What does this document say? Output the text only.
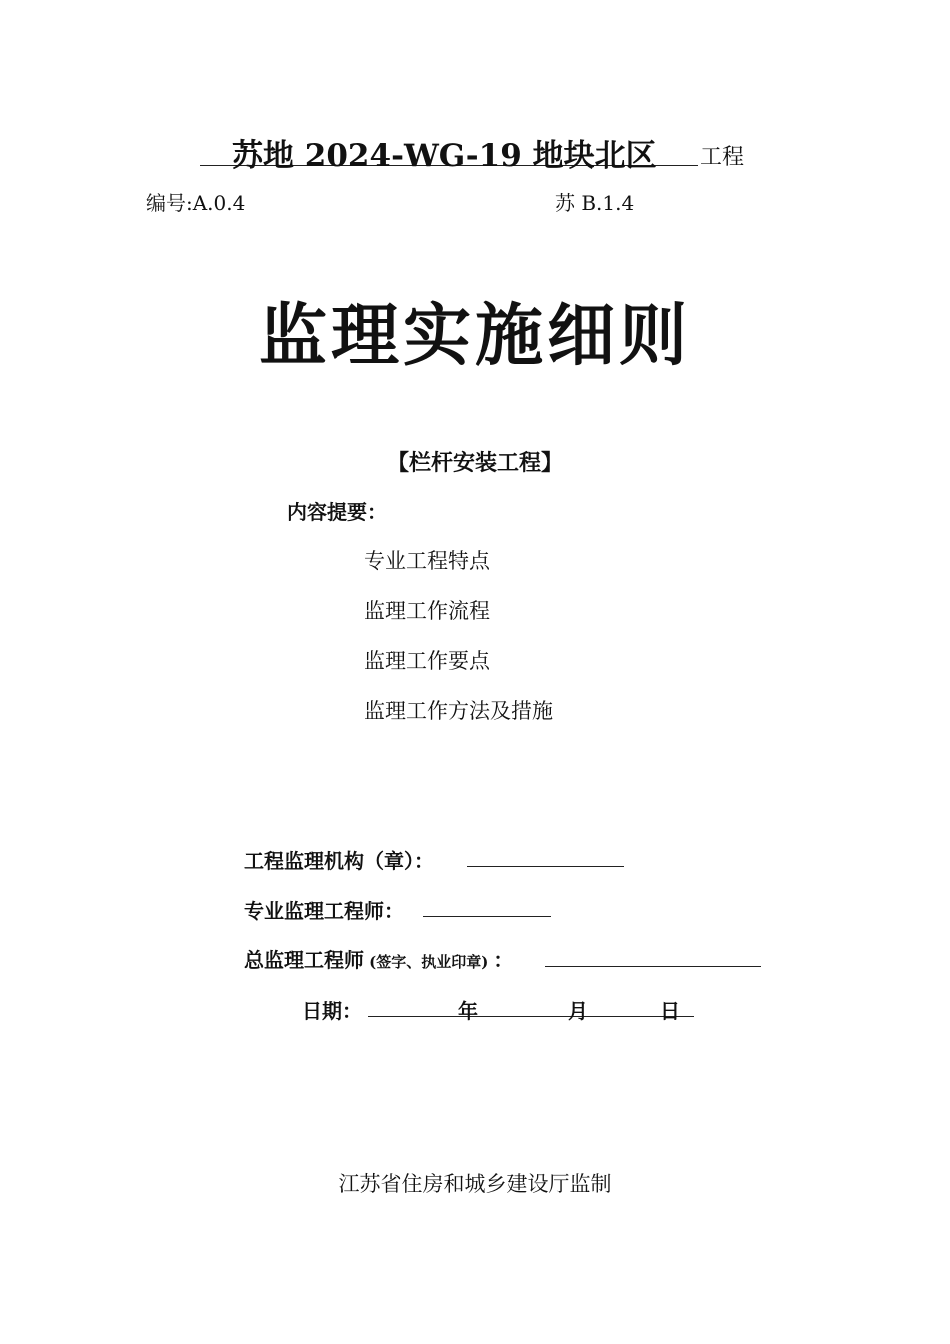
苏地 2024-WG-19 地块北区 工程
编号:A.0.4	苏 B.1.4
监理实施细则
【栏杆安装工程】
内容提要：
专业工程特点
监理工作流程
监理工作要点
监理工作方法及措施
工程监理机构（章）：
专业监理工程师：
总监理工程师 (签字、执业印章) ：
日期：	年	月	日
江苏省住房和城乡建设厅监制
